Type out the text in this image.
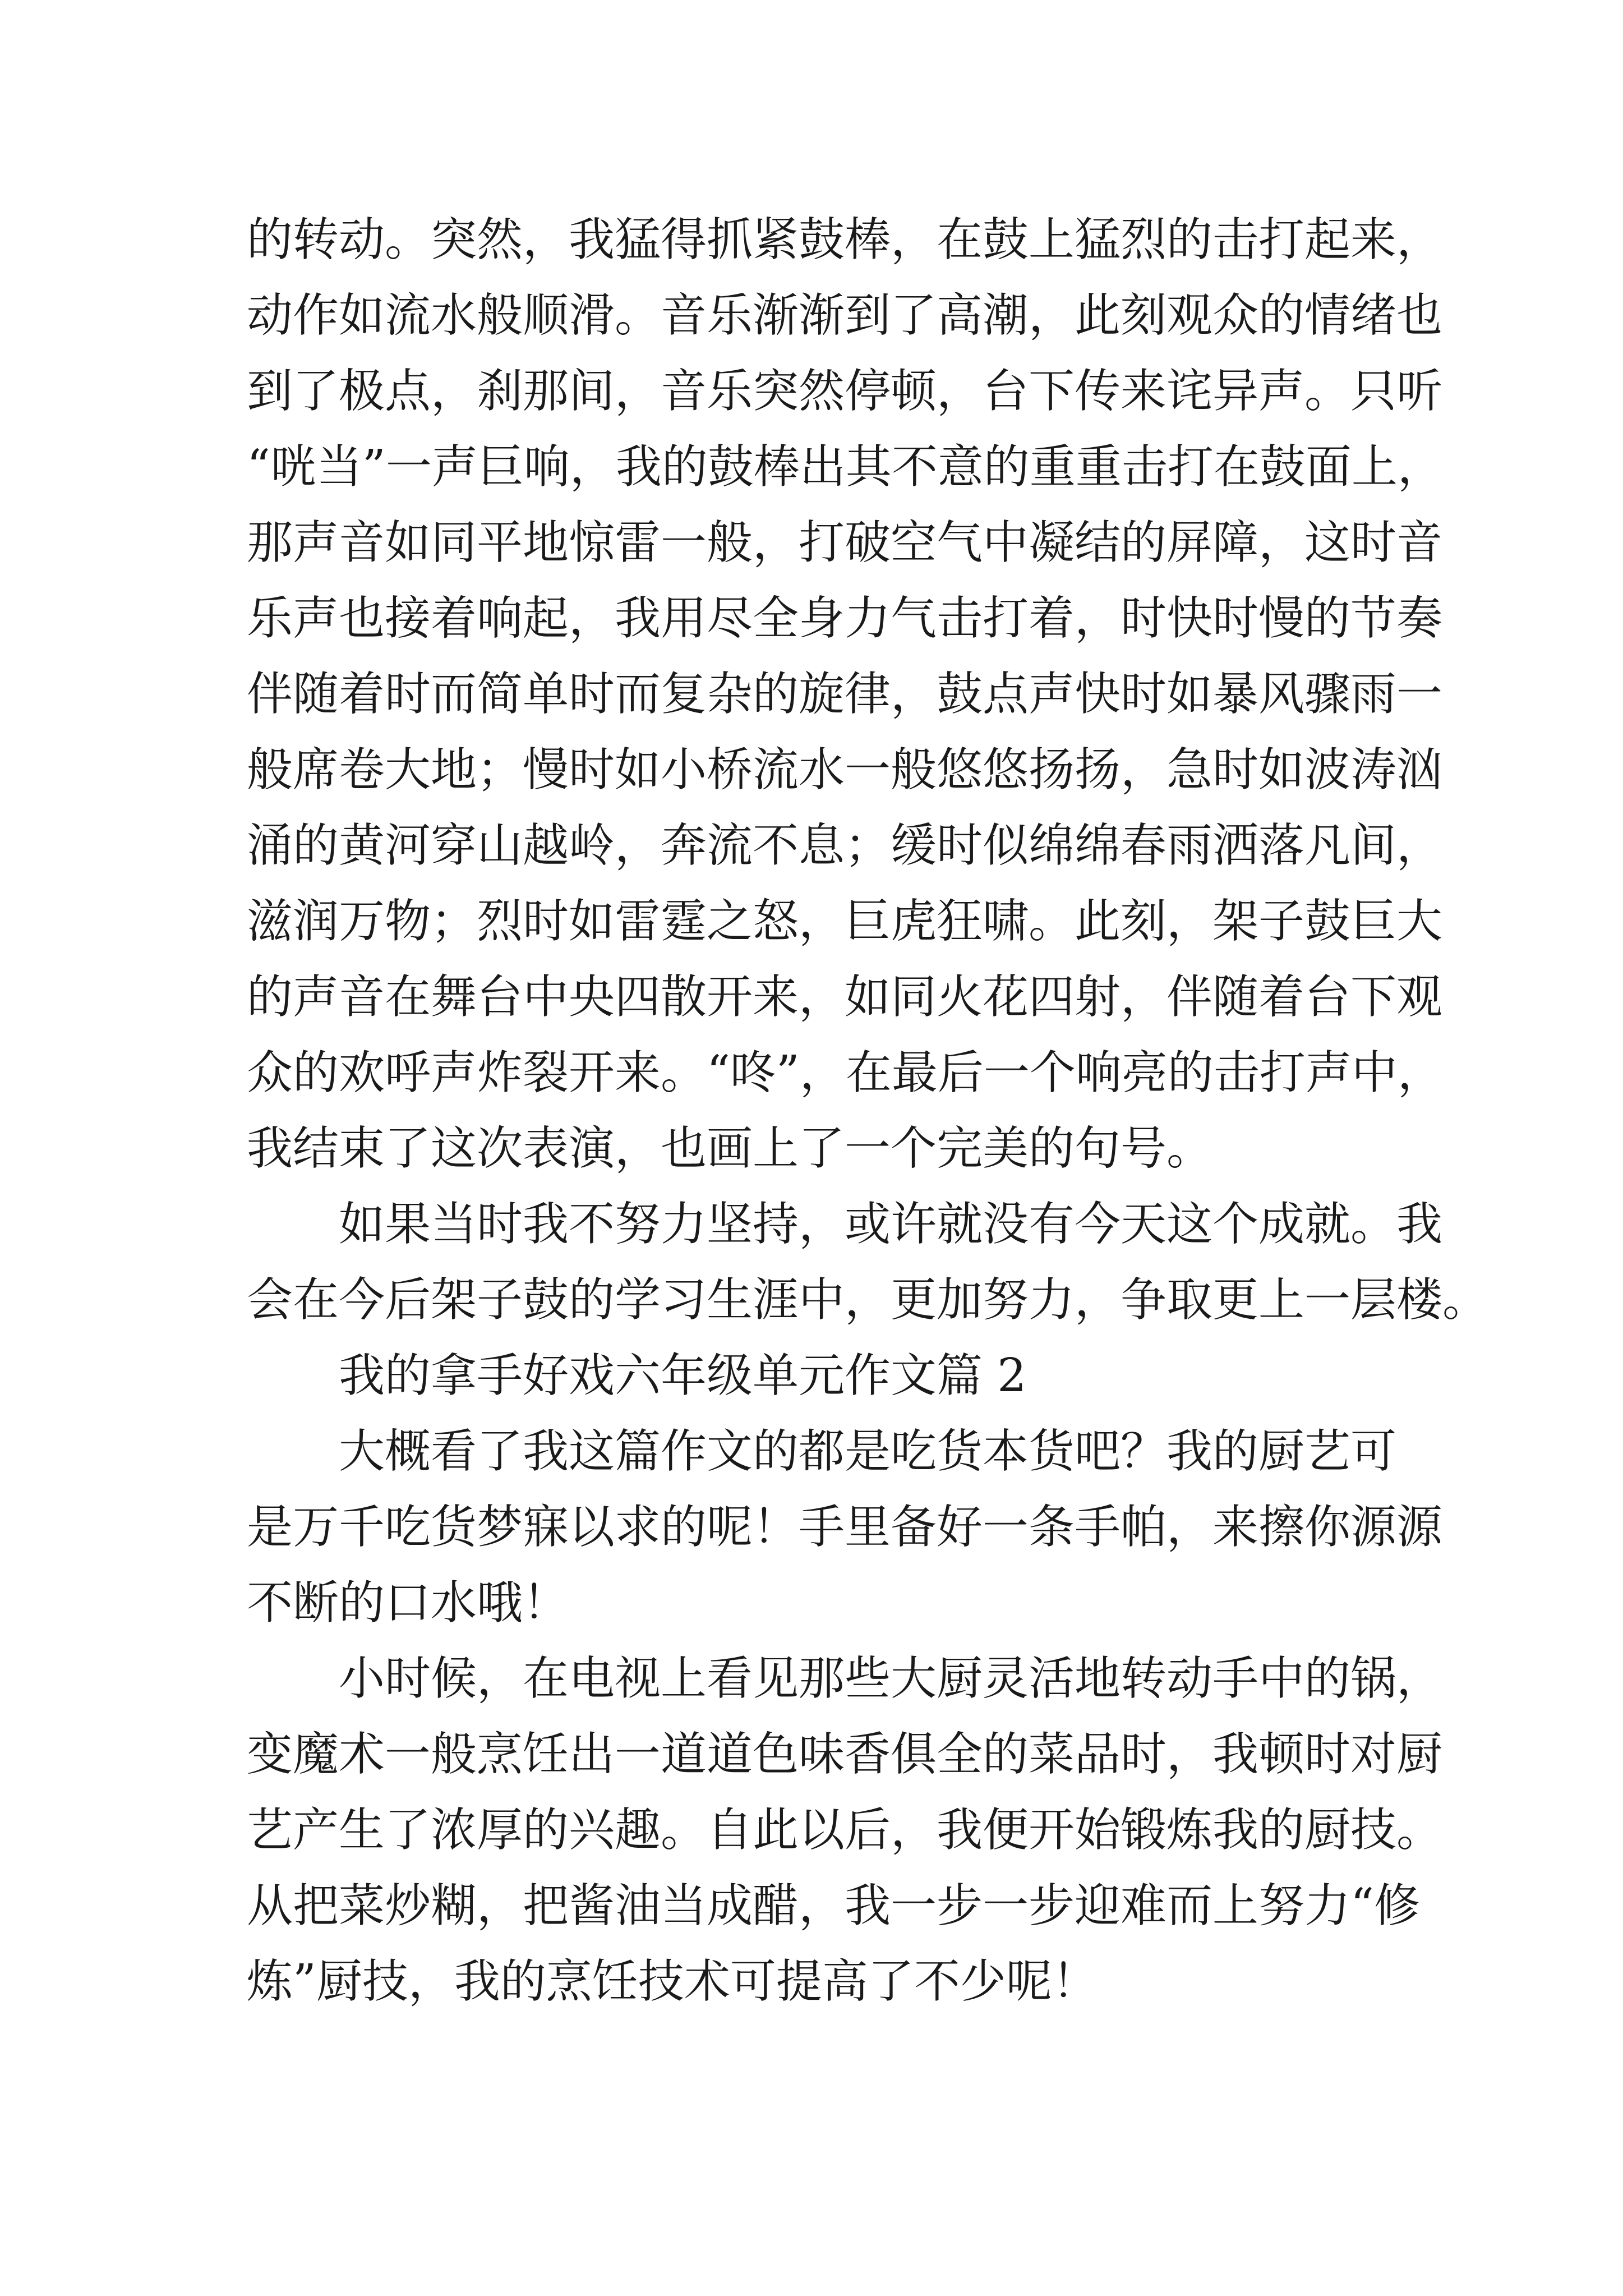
的转动。突然，我猛得抓紧鼓棒，在鼓上猛烈的击打起来，
动作如流水般顺滑。音乐渐渐到了高潮，此刻观众的情绪也
到了极点，刹那间，音乐突然停顿，台下传来诧异声。只听
“咣当”一声巨响，我的鼓棒出其不意的重重击打在鼓面上，
那声音如同平地惊雷一般，打破空气中凝结的屏障，这时音
乐声也接着响起，我用尽全身力气击打着，时快时慢的节奏
伴随着时而简单时而复杂的旋律，鼓点声快时如暴风骤雨一
般席卷大地；慢时如小桥流水一般悠悠扬扬，急时如波涛汹
涌的黄河穿山越岭，奔流不息；缓时似绵绵春雨洒落凡间，
滋润万物；烈时如雷霆之怒，巨虎狂啸。此刻，架子鼓巨大
的声音在舞台中央四散开来，如同火花四射，伴随着台下观
众的欢呼声炸裂开来。“咚”，在最后一个响亮的击打声中，
我结束了这次表演，也画上了一个完美的句号。
如果当时我不努力坚持，或许就没有今天这个成就。我
会在今后架子鼓的学习生涯中，更加努力，争取更上一层楼。
我的拿手好戏六年级单元作文篇 2
大概看了我这篇作文的都是吃货本货吧？我的厨艺可
是万千吃货梦寐以求的呢！手里备好一条手帕，来擦你源源
不断的口水哦！
小时候，在电视上看见那些大厨灵活地转动手中的锅，
变魔术一般烹饪出一道道色味香俱全的菜品时，我顿时对厨
艺产生了浓厚的兴趣。自此以后，我便开始锻炼我的厨技。
从把菜炒糊，把酱油当成醋，我一步一步迎难而上努力“修
炼”厨技，我的烹饪技术可提高了不少呢！
